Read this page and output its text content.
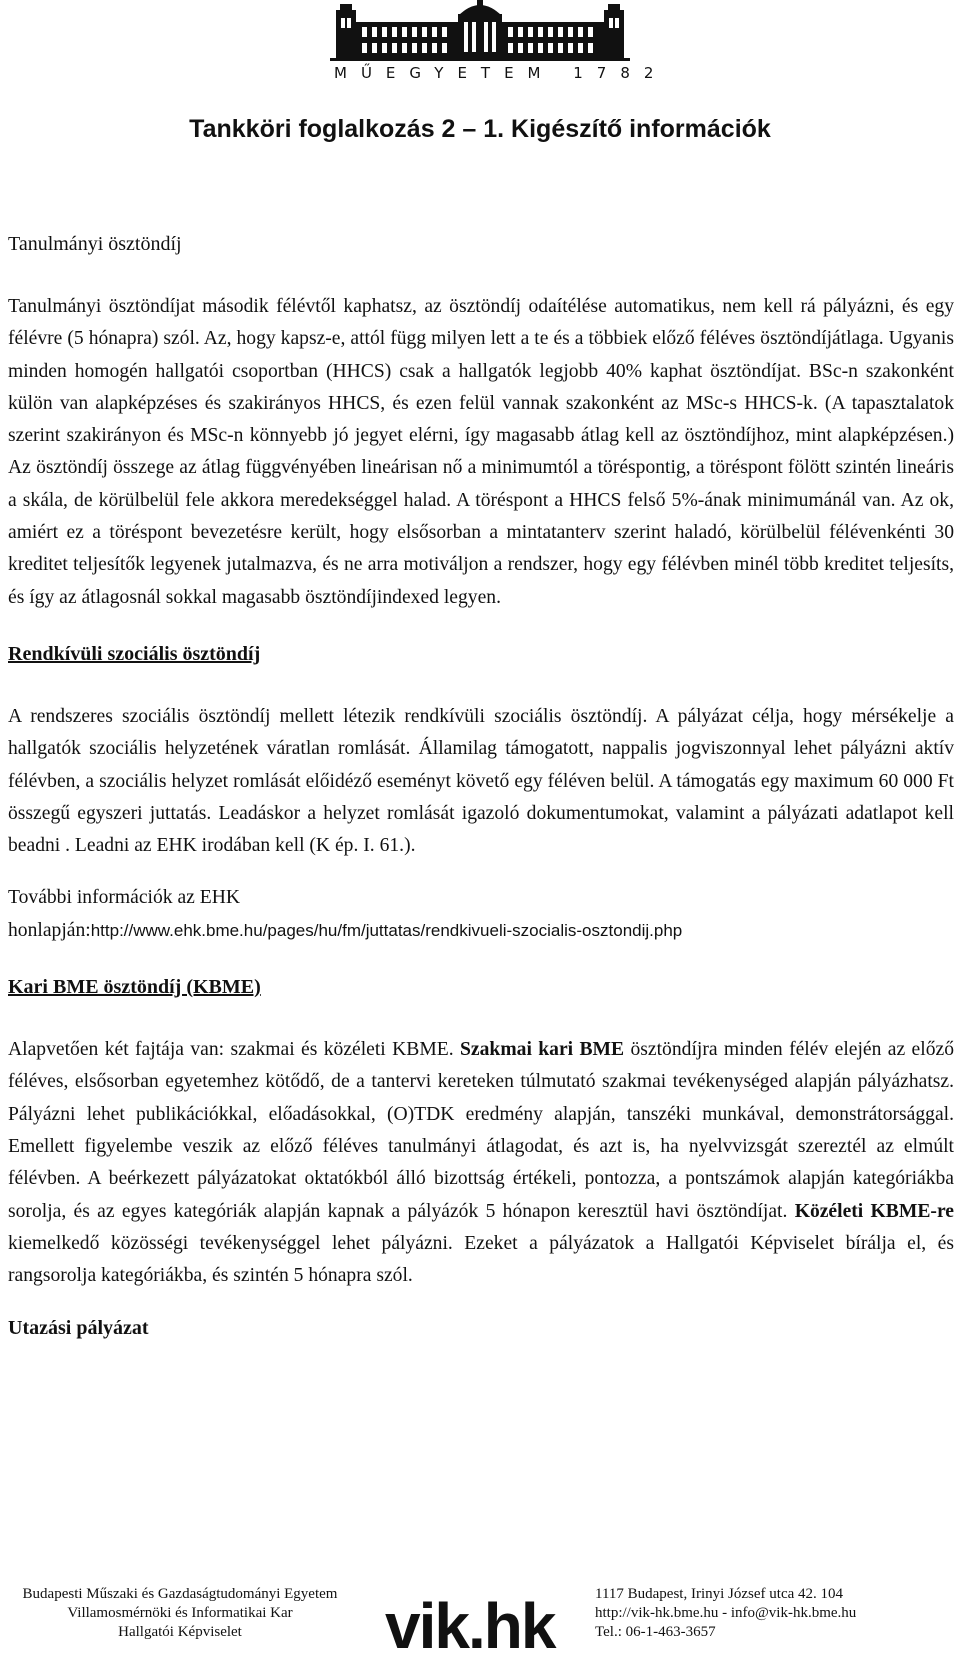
MŰEGYETEM 1782
Tankköri foglalkozás 2 – 1. Kigészítő információk
Tanulmányi ösztöndíj

Tanulmányi ösztöndíjat második félévtől kaphatsz, az ösztöndíj odaítélése automatikus, nem kell rá pályázni, és egy félévre (5 hónapra) szól. Az, hogy kapsz-e, attól függ milyen lett a te és a többiek előző féléves ösztöndíjátlaga. Ugyanis minden homogén hallgatói csoportban (HHCS) csak a hallgatók legjobb 40% kaphat ösztöndíjat. BSc-n szakonként külön van alapképzéses és szakirányos HHCS, és ezen felül vannak szakonként az MSc-s HHCS-k. (A tapasztalatok szerint szakirányon és MSc-n könnyebb jó jegyet elérni, így magasabb átlag kell az ösztöndíjhoz, mint alapképzésen.) Az ösztöndíj összege az átlag függvényében lineárisan nő a minimumtól a töréspontig, a töréspont fölött szintén lineáris a skála, de körülbelül fele akkora meredekséggel halad. A töréspont a HHCS felső 5%-ának minimumánál van. Az ok, amiért ez a töréspont bevezetésre került, hogy elsősorban a mintatanterv szerint haladó, körülbelül félévenkénti 30 kreditet teljesítők legyenek jutalmazva, és ne arra motiváljon a rendszer, hogy egy félévben minél több kreditet teljesíts, és így az átlagosnál sokkal magasabb ösztöndíjindexed legyen.

Rendkívüli szociális ösztöndíj

A rendszeres szociális ösztöndíj mellett létezik rendkívüli szociális ösztöndíj. A pályázat célja, hogy mérsékelje a hallgatók szociális helyzetének váratlan romlását. Államilag támogatott, nappalis jogviszonnyal lehet pályázni aktív félévben, a szociális helyzet romlását előidéző eseményt követő egy féléven belül. A támogatás egy maximum 60 000 Ft összegű egyszeri juttatás. Leadáskor a helyzet romlását igazoló dokumentumokat, valamint a pályázati adatlapot kell beadni . Leadni az EHK irodában kell (K ép. I. 61.).

További információk az EHK
honlapján:http://www.ehk.bme.hu/pages/hu/fm/juttatas/rendkivueli-szocialis-osztondij.php

Kari BME ösztöndíj (KBME)

Alapvetően két fajtája van: szakmai és közéleti KBME. Szakmai kari BME ösztöndíjra minden félév elején az előző féléves, elsősorban egyetemhez kötődő, de a tantervi kereteken túlmutató szakmai tevékenységed alapján pályázhatsz. Pályázni lehet publikációkkal, előadásokkal, (O)TDK eredmény alapján, tanszéki munkával, demonstrátorsággal. Emellett figyelembe veszik az előző féléves tanulmányi átlagodat, és azt is, ha nyelvvizsgát szereztél az elmúlt félévben. A beérkezett pályázatokat oktatókból álló bizottság értékeli, pontozza, a pontszámok alapján kategóriákba sorolja, és az egyes kategóriák alapján kapnak a pályázók 5 hónapon keresztül havi ösztöndíjat. Közéleti KBME-re kiemelkedő közösségi tevékenységgel lehet pályázni. Ezeket a pályázatok a Hallgatói Képviselet bírálja el, és rangsorolja kategóriákba, és szintén 5 hónapra szól.

Utazási pályázat
Budapesti Műszaki és Gazdaságtudományi Egyetem
Villamosmérnöki és Informatikai Kar
Hallgatói Képviselet	vik.hk	1117 Budapest, Irinyi József utca 42. 104
http://vik-hk.bme.hu - info@vik-hk.bme.hu
Tel.: 06-1-463-3657
